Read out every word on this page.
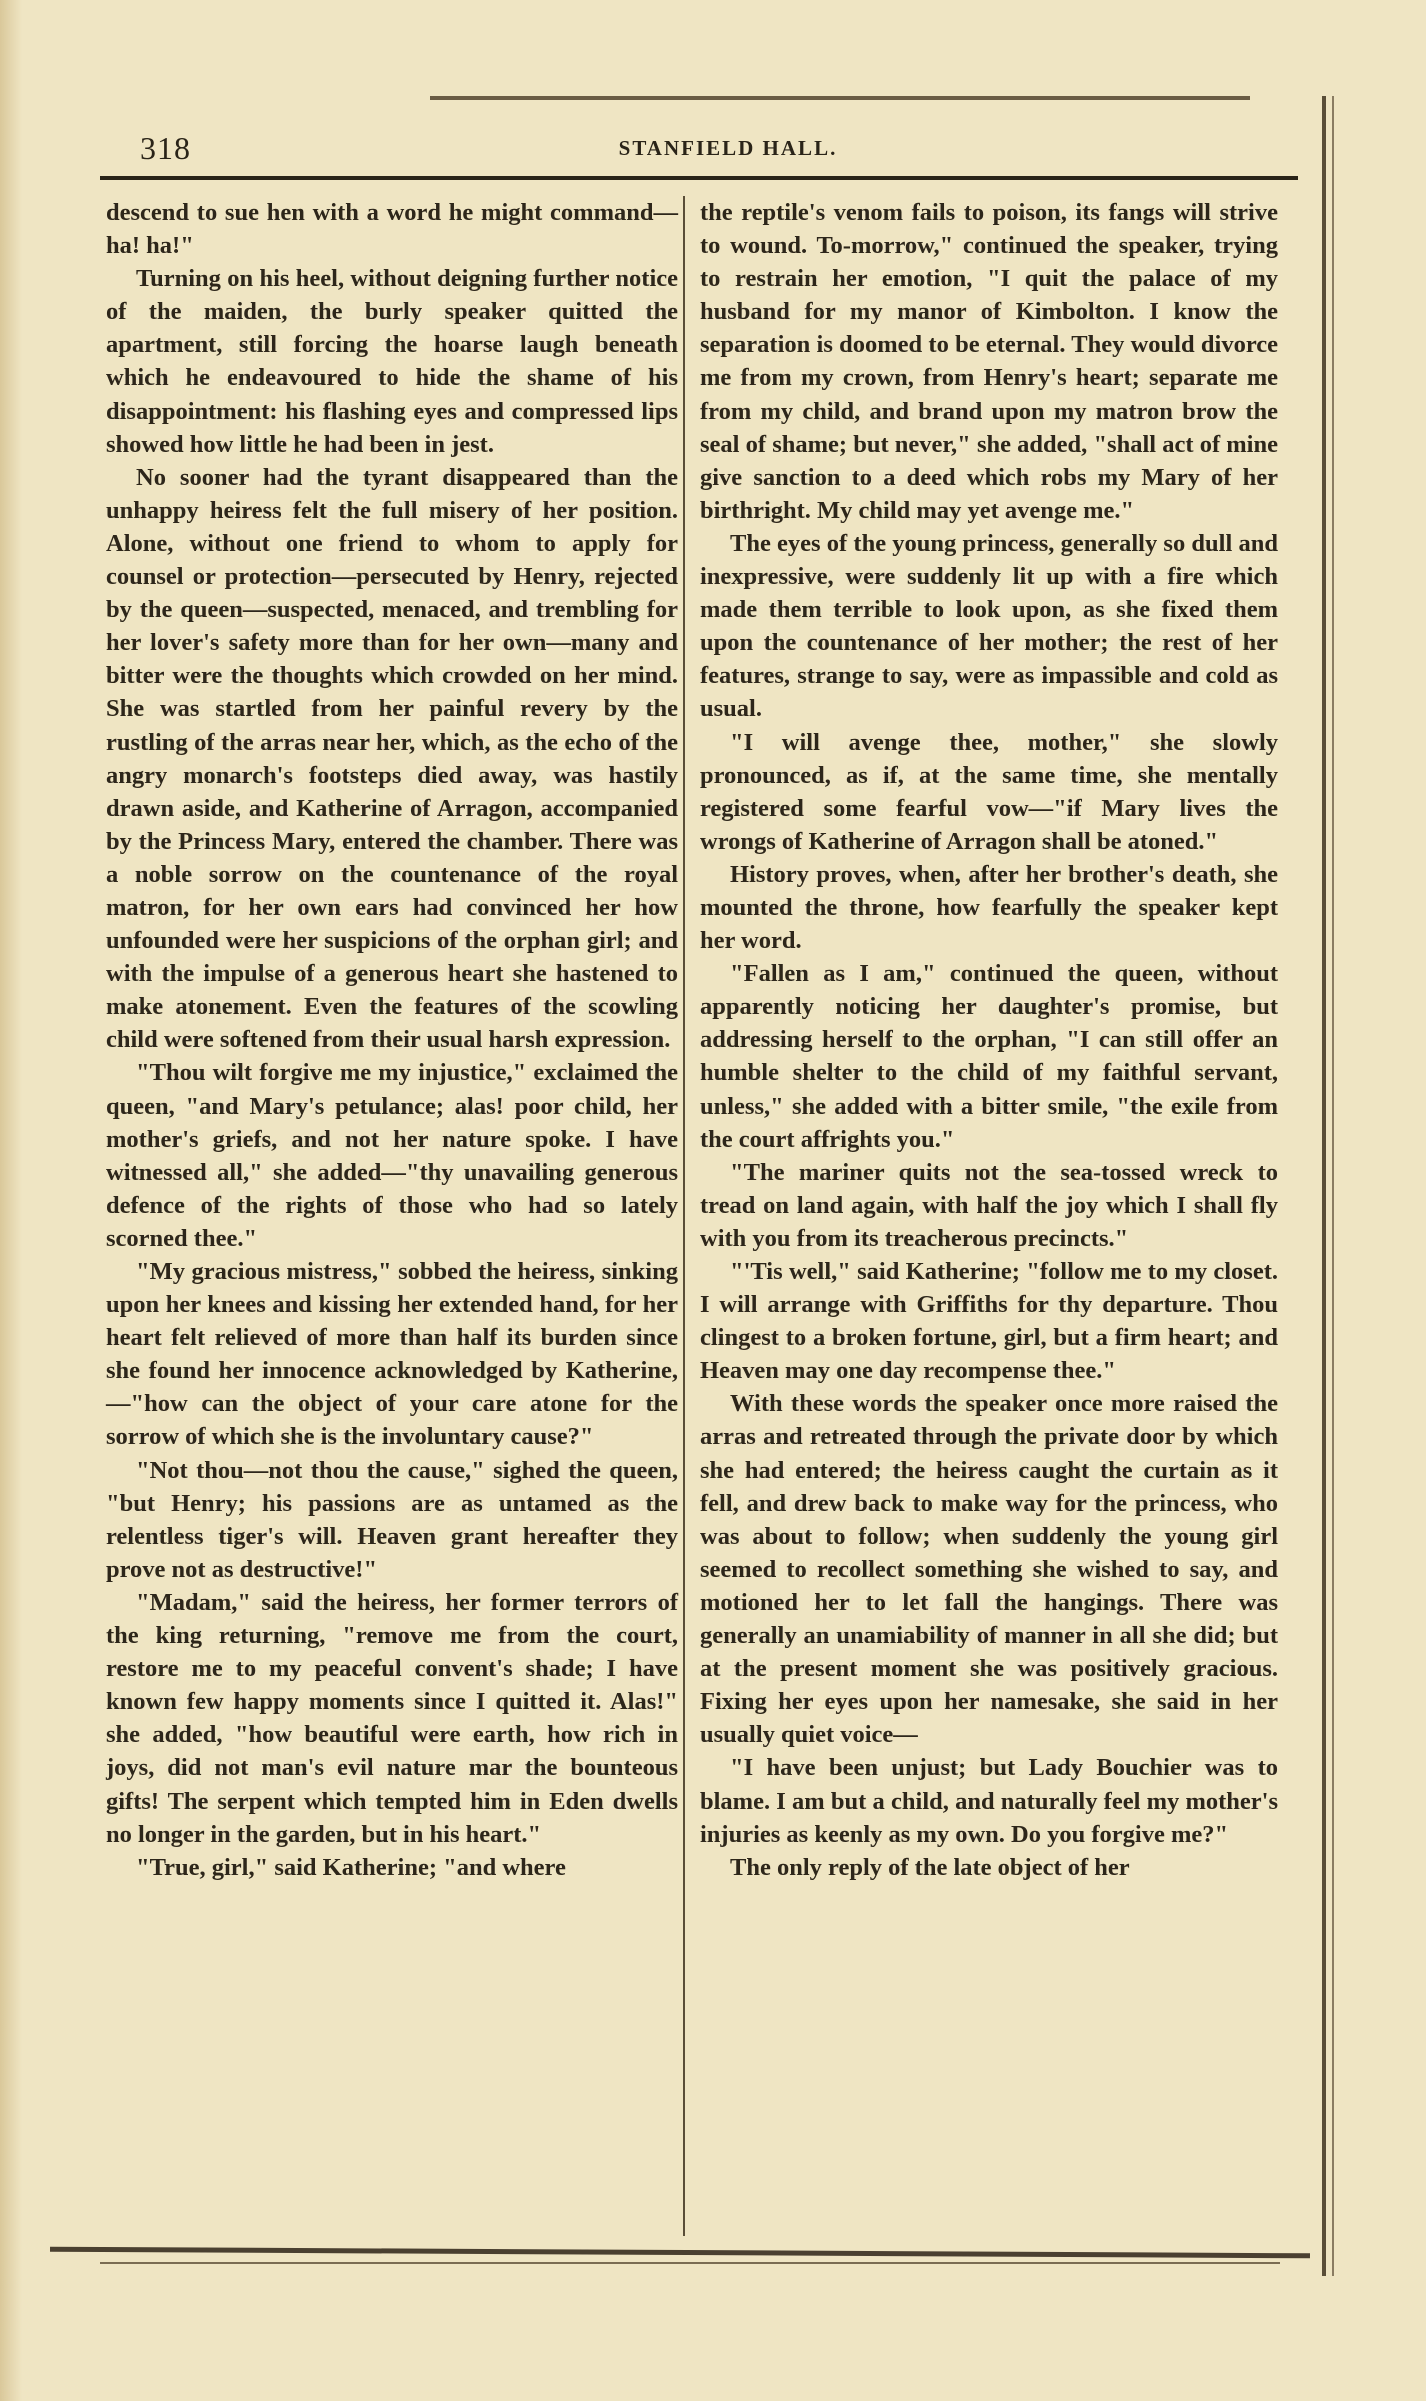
318	STANFIELD HALL.

descend to sue hen with a word he might command—ha! ha!"

Turning on his heel, without deigning further notice of the maiden, the burly speaker quitted the apartment, still forcing the hoarse laugh beneath which he endeavoured to hide the shame of his disappointment: his flashing eyes and compressed lips showed how little he had been in jest.

No sooner had the tyrant disappeared than the unhappy heiress felt the full misery of her position. Alone, without one friend to whom to apply for counsel or protection—persecuted by Henry, rejected by the queen—suspected, menaced, and trembling for her lover's safety more than for her own—many and bitter were the thoughts which crowded on her mind. She was startled from her painful revery by the rustling of the arras near her, which, as the echo of the angry monarch's footsteps died away, was hastily drawn aside, and Katherine of Arragon, accompanied by the Princess Mary, entered the chamber. There was a noble sorrow on the countenance of the royal matron, for her own ears had convinced her how unfounded were her suspicions of the orphan girl; and with the impulse of a generous heart she hastened to make atonement. Even the features of the scowling child were softened from their usual harsh expression.

"Thou wilt forgive me my injustice," exclaimed the queen, "and Mary's petulance; alas! poor child, her mother's griefs, and not her nature spoke. I have witnessed all," she added—"thy unavailing generous defence of the rights of those who had so lately scorned thee."

"My gracious mistress," sobbed the heiress, sinking upon her knees and kissing her extended hand, for her heart felt relieved of more than half its burden since she found her innocence acknowledged by Katherine,—"how can the object of your care atone for the sorrow of which she is the involuntary cause?"

"Not thou—not thou the cause," sighed the queen, "but Henry; his passions are as untamed as the relentless tiger's will. Heaven grant hereafter they prove not as destructive!"

"Madam," said the heiress, her former terrors of the king returning, "remove me from the court, restore me to my peaceful convent's shade; I have known few happy moments since I quitted it. Alas!" she added, "how beautiful were earth, how rich in joys, did not man's evil nature mar the bounteous gifts! The serpent which tempted him in Eden dwells no longer in the garden, but in his heart."

"True, girl," said Katherine; "and where

the reptile's venom fails to poison, its fangs will strive to wound. To-morrow," continued the speaker, trying to restrain her emotion, "I quit the palace of my husband for my manor of Kimbolton. I know the separation is doomed to be eternal. They would divorce me from my crown, from Henry's heart; separate me from my child, and brand upon my matron brow the seal of shame; but never," she added, "shall act of mine give sanction to a deed which robs my Mary of her birthright. My child may yet avenge me."

The eyes of the young princess, generally so dull and inexpressive, were suddenly lit up with a fire which made them terrible to look upon, as she fixed them upon the countenance of her mother; the rest of her features, strange to say, were as impassible and cold as usual.

"I will avenge thee, mother," she slowly pronounced, as if, at the same time, she mentally registered some fearful vow—"if Mary lives the wrongs of Katherine of Arragon shall be atoned."

History proves, when, after her brother's death, she mounted the throne, how fearfully the speaker kept her word.

"Fallen as I am," continued the queen, without apparently noticing her daughter's promise, but addressing herself to the orphan, "I can still offer an humble shelter to the child of my faithful servant, unless," she added with a bitter smile, "the exile from the court affrights you."

"The mariner quits not the sea-tossed wreck to tread on land again, with half the joy which I shall fly with you from its treacherous precincts."

"'Tis well," said Katherine; "follow me to my closet. I will arrange with Griffiths for thy departure. Thou clingest to a broken fortune, girl, but a firm heart; and Heaven may one day recompense thee."

With these words the speaker once more raised the arras and retreated through the private door by which she had entered; the heiress caught the curtain as it fell, and drew back to make way for the princess, who was about to follow; when suddenly the young girl seemed to recollect something she wished to say, and motioned her to let fall the hangings. There was generally an unamiability of manner in all she did; but at the present moment she was positively gracious. Fixing her eyes upon her namesake, she said in her usually quiet voice—

"I have been unjust; but Lady Bouchier was to blame. I am but a child, and naturally feel my mother's injuries as keenly as my own. Do you forgive me?"

The only reply of the late object of her
